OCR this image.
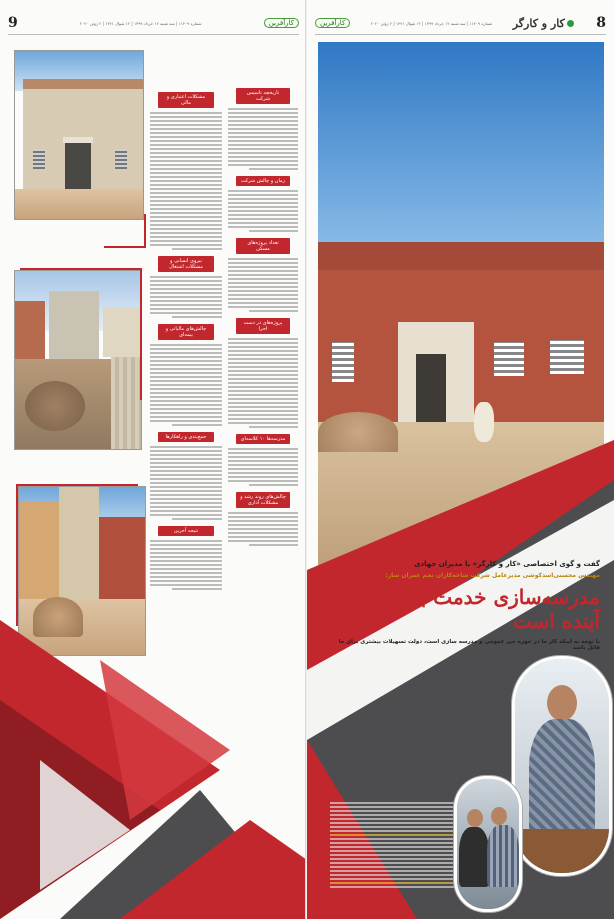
9	شماره ۱۱۴۰۹ | سه شنبه ۱۲ خرداد ۱۳۹۹ | ۱۲ شوال ۱۴۴۱ | ۲ ژوئن ۲۰۲۰	کارآفرین
مشکلات اعتباری و مالی
نیروی انسانی و مشکلات اشتغال
چالش‌های مالیاتی و بیمه‌ای
جمع‌بندی و راهکارها
نتیجه آخرین
تاریخچه تاسیس شرکت
زمان و چالش شرکت
تعداد پروژه‌های مسکن
پروژه‌های در دست اجرا
مدرسه‌ها ۱۰ کلاسه‌ای
چالش‌های روند رشد و مشکلات اداری
کارآفرین	شماره ۱۱۴۰۹ | سه شنبه ۱۲ خرداد ۱۳۹۹ | ۱۲ شوال ۱۴۴۱ | ۲ ژوئن ۲۰۲۰ کار و کارگر	8
گفت و گوی اختصاصی «کار و کارگر» با مدیران جهادی
مهندس محسنی‌اسدکوشی مدیرعامل شرکت شاخه‌کاران نجم عمران ساز:
مدرسه‌سازی خدمت به نسل آینده است
با توجه به اینکه کار ما در حوزه خیر عمومی و مدرسه سازی است، دولت تسهیلات بیشتری برای ما قائل باشد
